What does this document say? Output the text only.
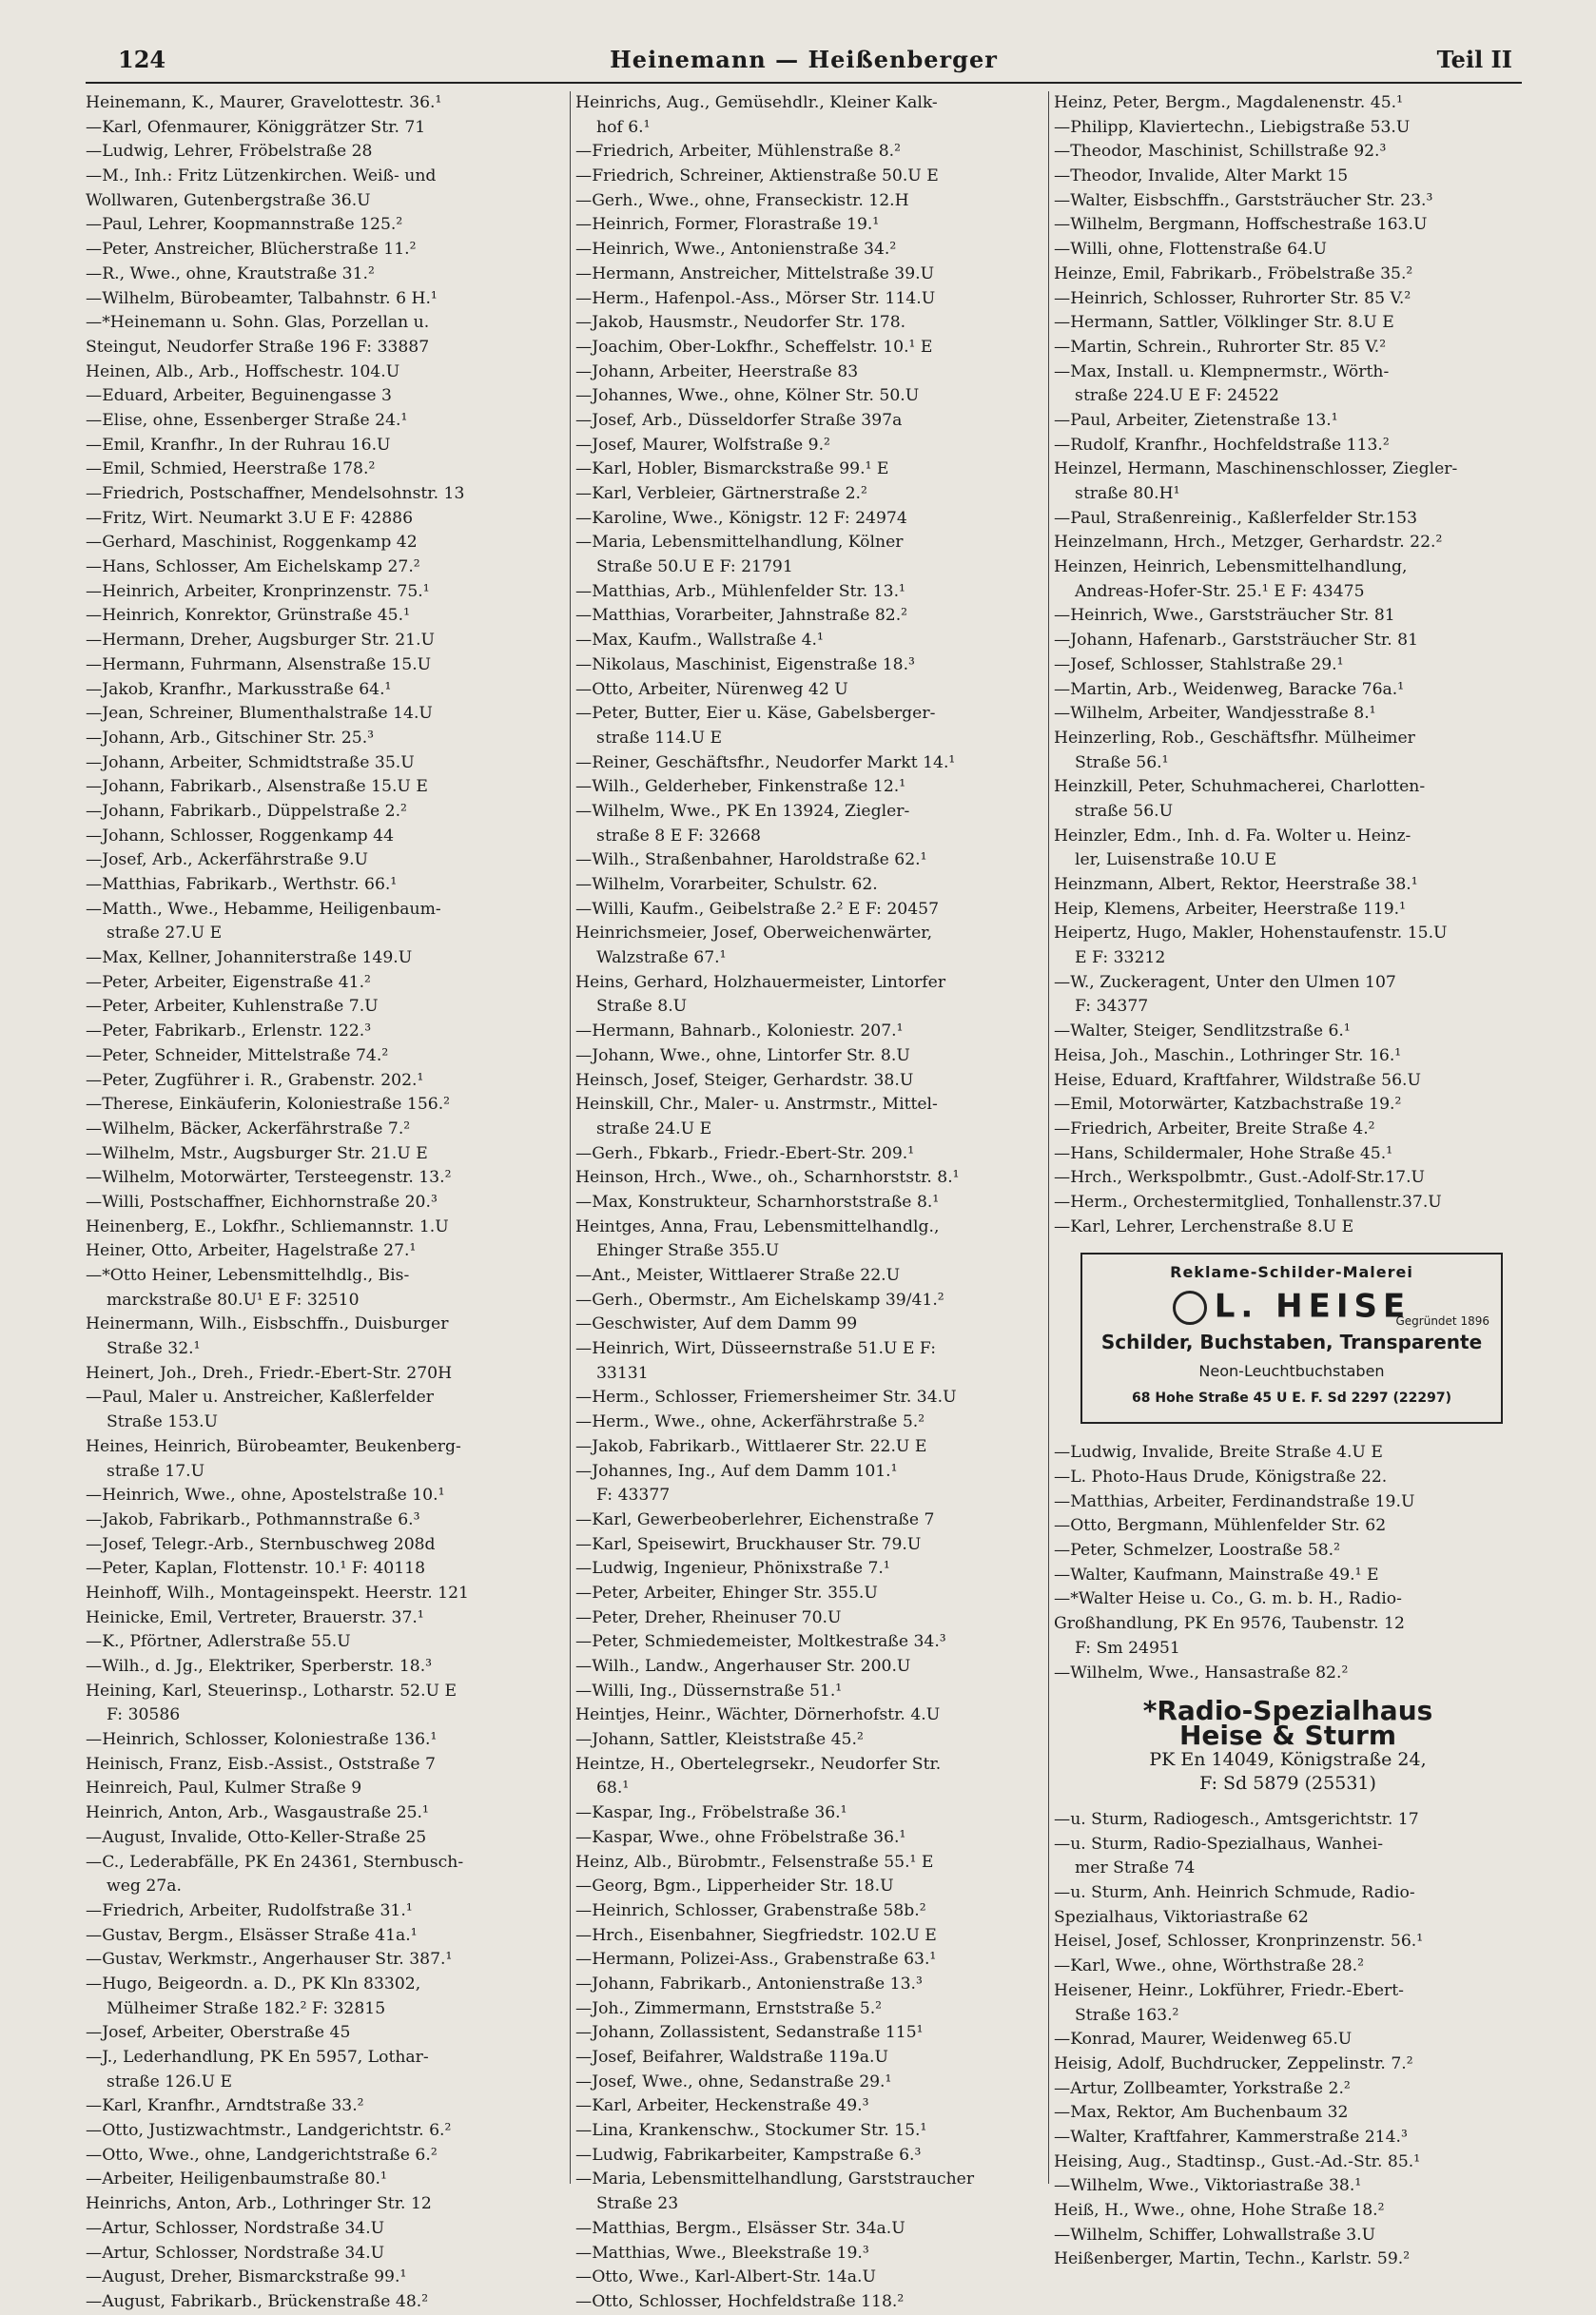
124	Heinemann — Heißenberger	Teil II
Heinemann, K., Maurer, Gravelottestr. 36.¹
—Karl, Ofenmaurer, Königgrätzer Str. 71
—Ludwig, Lehrer, Fröbelstraße 28
—M., Inh.: Fritz Lützenkirchen. Weiß- und
Wollwaren, Gutenbergstraße 36.U
—Paul, Lehrer, Koopmannstraße 125.²
—Peter, Anstreicher, Blücherstraße 11.²
—R., Wwe., ohne, Krautstraße 31.²
—Wilhelm, Bürobeamter, Talbahnstr. 6 H.¹
—*Heinemann u. Sohn. Glas, Porzellan u.
Steingut, Neudorfer Straße 196 F: 33887
Heinen, Alb., Arb., Hoffschestr. 104.U
—Eduard, Arbeiter, Beguinengasse 3
—Elise, ohne, Essenberger Straße 24.¹
—Emil, Kranfhr., In der Ruhrau 16.U
—Emil, Schmied, Heerstraße 178.²
—Friedrich, Postschaffner, Mendelsohnstr. 13
—Fritz, Wirt. Neumarkt 3.U E F: 42886
—Gerhard, Maschinist, Roggenkamp 42
—Hans, Schlosser, Am Eichelskamp 27.²
—Heinrich, Arbeiter, Kronprinzenstr. 75.¹
—Heinrich, Konrektor, Grünstraße 45.¹
—Hermann, Dreher, Augsburger Str. 21.U
—Hermann, Fuhrmann, Alsenstraße 15.U
—Jakob, Kranfhr., Markusstraße 64.¹
—Jean, Schreiner, Blumenthalstraße 14.U
—Johann, Arb., Gitschiner Str. 25.³
—Johann, Arbeiter, Schmidtstraße 35.U
—Johann, Fabrikarb., Alsenstraße 15.U E
—Johann, Fabrikarb., Düppelstraße 2.²
—Johann, Schlosser, Roggenkamp 44
—Josef, Arb., Ackerfährstraße 9.U
—Matthias, Fabrikarb., Werthstr. 66.¹
—Matth., Wwe., Hebamme, Heiligenbaum-
straße 27.U E
—Max, Kellner, Johanniterstraße 149.U
—Peter, Arbeiter, Eigenstraße 41.²
—Peter, Arbeiter, Kuhlenstraße 7.U
—Peter, Fabrikarb., Erlenstr. 122.³
—Peter, Schneider, Mittelstraße 74.²
—Peter, Zugführer i. R., Grabenstr. 202.¹
—Therese, Einkäuferin, Koloniestraße 156.²
—Wilhelm, Bäcker, Ackerfährstraße 7.²
—Wilhelm, Mstr., Augsburger Str. 21.U E
—Wilhelm, Motorwärter, Tersteegenstr. 13.²
—Willi, Postschaffner, Eichhornstraße 20.³
Heinenberg, E., Lokfhr., Schliemannstr. 1.U
Heiner, Otto, Arbeiter, Hagelstraße 27.¹
—*Otto Heiner, Lebensmittelhdlg., Bis-
marckstraße 80.U¹ E F: 32510
Heinermann, Wilh., Eisbschffn., Duisburger
Straße 32.¹
Heinert, Joh., Dreh., Friedr.-Ebert-Str. 270H
—Paul, Maler u. Anstreicher, Kaßlerfelder
Straße 153.U
Heines, Heinrich, Bürobeamter, Beukenberg-
straße 17.U
—Heinrich, Wwe., ohne, Apostelstraße 10.¹
—Jakob, Fabrikarb., Pothmannstraße 6.³
—Josef, Telegr.-Arb., Sternbuschweg 208d
—Peter, Kaplan, Flottenstr. 10.¹ F: 40118
Heinhoff, Wilh., Montageinspekt. Heerstr. 121
Heinicke, Emil, Vertreter, Brauerstr. 37.¹
—K., Pförtner, Adlerstraße 55.U
—Wilh., d. Jg., Elektriker, Sperberstr. 18.³
Heining, Karl, Steuerinsp., Lotharstr. 52.U E
F: 30586
—Heinrich, Schlosser, Koloniestraße 136.¹
Heinisch, Franz, Eisb.-Assist., Oststraße 7
Heinreich, Paul, Kulmer Straße 9
Heinrich, Anton, Arb., Wasgaustraße 25.¹
—August, Invalide, Otto-Keller-Straße 25
—C., Lederabfälle, PK En 24361, Sternbusch-
weg 27a.
—Friedrich, Arbeiter, Rudolfstraße 31.¹
—Gustav, Bergm., Elsässer Straße 41a.¹
—Gustav, Werkmstr., Angerhauser Str. 387.¹
—Hugo, Beigeordn. a. D., PK Kln 83302,
Mülheimer Straße 182.² F: 32815
—Josef, Arbeiter, Oberstraße 45
—J., Lederhandlung, PK En 5957, Lothar-
straße 126.U E
—Karl, Kranfhr., Arndtstraße 33.²
—Otto, Justizwachtmstr., Landgerichtstr. 6.²
—Otto, Wwe., ohne, Landgerichtstraße 6.²
—Arbeiter, Heiligenbaumstraße 80.¹
Heinrichs, Anton, Arb., Lothringer Str. 12
—Artur, Schlosser, Nordstraße 34.U
—Artur, Schlosser, Nordstraße 34.U
—August, Dreher, Bismarckstraße 99.¹
—August, Fabrikarb., Brückenstraße 48.²
Heinrichs, Aug., Gemüsehdlr., Kleiner Kalk-
hof 6.¹
—Friedrich, Arbeiter, Mühlenstraße 8.²
—Friedrich, Schreiner, Aktienstraße 50.U E
—Gerh., Wwe., ohne, Franseckistr. 12.H
—Heinrich, Former, Florastraße 19.¹
—Heinrich, Wwe., Antonienstraße 34.²
—Hermann, Anstreicher, Mittelstraße 39.U
—Herm., Hafenpol.-Ass., Mörser Str. 114.U
—Jakob, Hausmstr., Neudorfer Str. 178.
—Joachim, Ober-Lokfhr., Scheffelstr. 10.¹ E
—Johann, Arbeiter, Heerstraße 83
—Johannes, Wwe., ohne, Kölner Str. 50.U
—Josef, Arb., Düsseldorfer Straße 397a
—Josef, Maurer, Wolfstraße 9.²
—Karl, Hobler, Bismarckstraße 99.¹ E
—Karl, Verbleier, Gärtnerstraße 2.²
—Karoline, Wwe., Königstr. 12 F: 24974
—Maria, Lebensmittelhandlung, Kölner
Straße 50.U E F: 21791
—Matthias, Arb., Mühlenfelder Str. 13.¹
—Matthias, Vorarbeiter, Jahnstraße 82.²
—Max, Kaufm., Wallstraße 4.¹
—Nikolaus, Maschinist, Eigenstraße 18.³
—Otto, Arbeiter, Nürenweg 42 U
—Peter, Butter, Eier u. Käse, Gabelsberger-
straße 114.U E
—Reiner, Geschäftsfhr., Neudorfer Markt 14.¹
—Wilh., Gelderheber, Finkenstraße 12.¹
—Wilhelm, Wwe., PK En 13924, Ziegler-
straße 8 E F: 32668
—Wilh., Straßenbahner, Haroldstraße 62.¹
—Wilhelm, Vorarbeiter, Schulstr. 62.
—Willi, Kaufm., Geibelstraße 2.² E F: 20457
Heinrichsmeier, Josef, Oberweichenwärter,
Walzstraße 67.¹
Heins, Gerhard, Holzhauermeister, Lintorfer
Straße 8.U
—Hermann, Bahnarb., Koloniestr. 207.¹
—Johann, Wwe., ohne, Lintorfer Str. 8.U
Heinsch, Josef, Steiger, Gerhardstr. 38.U
Heinskill, Chr., Maler- u. Anstrmstr., Mittel-
straße 24.U E
—Gerh., Fbkarb., Friedr.-Ebert-Str. 209.¹
Heinson, Hrch., Wwe., oh., Scharnhorststr. 8.¹
—Max, Konstrukteur, Scharnhorststraße 8.¹
Heintges, Anna, Frau, Lebensmittelhandlg.,
Ehinger Straße 355.U
—Ant., Meister, Wittlaerer Straße 22.U
—Gerh., Obermstr., Am Eichelskamp 39/41.²
—Geschwister, Auf dem Damm 99
—Heinrich, Wirt, Düsseernstraße 51.U E F:
33131
—Herm., Schlosser, Friemersheimer Str. 34.U
—Herm., Wwe., ohne, Ackerfährstraße 5.²
—Jakob, Fabrikarb., Wittlaerer Str. 22.U E
—Johannes, Ing., Auf dem Damm 101.¹
F: 43377
—Karl, Gewerbeoberlehrer, Eichenstraße 7
—Karl, Speisewirt, Bruckhauser Str. 79.U
—Ludwig, Ingenieur, Phönixstraße 7.¹
—Peter, Arbeiter, Ehinger Str. 355.U
—Peter, Dreher, Rheinuser 70.U
—Peter, Schmiedemeister, Moltkestraße 34.³
—Wilh., Landw., Angerhauser Str. 200.U
—Willi, Ing., Düssernstraße 51.¹
Heintjes, Heinr., Wächter, Dörnerhofstr. 4.U
—Johann, Sattler, Kleiststraße 45.²
Heintze, H., Obertelegrsekr., Neudorfer Str.
68.¹
—Kaspar, Ing., Fröbelstraße 36.¹
—Kaspar, Wwe., ohne Fröbelstraße 36.¹
Heinz, Alb., Bürobmtr., Felsenstraße 55.¹ E
—Georg, Bgm., Lipperheider Str. 18.U
—Heinrich, Schlosser, Grabenstraße 58b.²
—Hrch., Eisenbahner, Siegfriedstr. 102.U E
—Hermann, Polizei-Ass., Grabenstraße 63.¹
—Johann, Fabrikarb., Antonienstraße 13.³
—Joh., Zimmermann, Ernststraße 5.²
—Johann, Zollassistent, Sedanstraße 115¹
—Josef, Beifahrer, Waldstraße 119a.U
—Josef, Wwe., ohne, Sedanstraße 29.¹
—Karl, Arbeiter, Heckenstraße 49.³
—Lina, Krankenschw., Stockumer Str. 15.¹
—Ludwig, Fabrikarbeiter, Kampstraße 6.³
—Maria, Lebensmittelhandlung, Garststraucher
Straße 23
—Matthias, Bergm., Elsässer Str. 34a.U
—Matthias, Wwe., Bleekstraße 19.³
—Otto, Wwe., Karl-Albert-Str. 14a.U
—Otto, Schlosser, Hochfeldstraße 118.²
Heinz, Peter, Bergm., Magdalenenstr. 45.¹
—Philipp, Klaviertechn., Liebigstraße 53.U
—Theodor, Maschinist, Schillstraße 92.³
—Theodor, Invalide, Alter Markt 15
—Walter, Eisbschffn., Garststräucher Str. 23.³
—Wilhelm, Bergmann, Hoffschestraße 163.U
—Willi, ohne, Flottenstraße 64.U
Heinze, Emil, Fabrikarb., Fröbelstraße 35.²
—Heinrich, Schlosser, Ruhrorter Str. 85 V.²
—Hermann, Sattler, Völklinger Str. 8.U E
—Martin, Schrein., Ruhrorter Str. 85 V.²
—Max, Install. u. Klempnermstr., Wörth-
straße 224.U E F: 24522
—Paul, Arbeiter, Zietenstraße 13.¹
—Rudolf, Kranfhr., Hochfeldstraße 113.²
Heinzel, Hermann, Maschinenschlosser, Ziegler-
straße 80.H¹
—Paul, Straßenreinig., Kaßlerfelder Str.153
Heinzelmann, Hrch., Metzger, Gerhardstr. 22.²
Heinzen, Heinrich, Lebensmittelhandlung,
Andreas-Hofer-Str. 25.¹ E F: 43475
—Heinrich, Wwe., Garststräucher Str. 81
—Johann, Hafenarb., Garststräucher Str. 81
—Josef, Schlosser, Stahlstraße 29.¹
—Martin, Arb., Weidenweg, Baracke 76a.¹
—Wilhelm, Arbeiter, Wandjesstraße 8.¹
Heinzerling, Rob., Geschäftsfhr. Mülheimer
Straße 56.¹
Heinzkill, Peter, Schuhmacherei, Charlotten-
straße 56.U
Heinzler, Edm., Inh. d. Fa. Wolter u. Heinz-
ler, Luisenstraße 10.U E
Heinzmann, Albert, Rektor, Heerstraße 38.¹
Heip, Klemens, Arbeiter, Heerstraße 119.¹
Heipertz, Hugo, Makler, Hohenstaufenstr. 15.U
E F: 33212
—W., Zuckeragent, Unter den Ulmen 107
F: 34377
—Walter, Steiger, Sendlitzstraße 6.¹
Heisa, Joh., Maschin., Lothringer Str. 16.¹
Heise, Eduard, Kraftfahrer, Wildstraße 56.U
—Emil, Motorwärter, Katzbachstraße 19.²
—Friedrich, Arbeiter, Breite Straße 4.²
—Hans, Schildermaler, Hohe Straße 45.¹
—Hrch., Werkspolbmtr., Gust.-Adolf-Str.17.U
—Herm., Orchestermitglied, Tonhallenstr.37.U
—Karl, Lehrer, Lerchenstraße 8.U E
Reklame-Schilder-Malerei
L. HEISE
Gegründet 1896
Schilder, Buchstaben, Transparente
Neon-Leuchtbuchstaben
68 Hohe Straße 45 U E. F. Sd 2297 (22297)
—Ludwig, Invalide, Breite Straße 4.U E
—L. Photo-Haus Drude, Königstraße 22.
—Matthias, Arbeiter, Ferdinandstraße 19.U
—Otto, Bergmann, Mühlenfelder Str. 62
—Peter, Schmelzer, Loostraße 58.²
—Walter, Kaufmann, Mainstraße 49.¹ E
—*Walter Heise u. Co., G. m. b. H., Radio-
Großhandlung, PK En 9576, Taubenstr. 12
F: Sm 24951
—Wilhelm, Wwe., Hansastraße 82.²
*Radio-Spezialhaus
Heise & Sturm
PK En 14049, Königstraße 24,
F: Sd 5879 (25531)
—u. Sturm, Radiogesch., Amtsgerichtstr. 17
—u. Sturm, Radio-Spezialhaus, Wanhei-
mer Straße 74
—u. Sturm, Anh. Heinrich Schmude, Radio-
Spezialhaus, Viktoriastraße 62
Heisel, Josef, Schlosser, Kronprinzenstr. 56.¹
—Karl, Wwe., ohne, Wörthstraße 28.²
Heisener, Heinr., Lokführer, Friedr.-Ebert-
Straße 163.²
—Konrad, Maurer, Weidenweg 65.U
Heisig, Adolf, Buchdrucker, Zeppelinstr. 7.²
—Artur, Zollbeamter, Yorkstraße 2.²
—Max, Rektor, Am Buchenbaum 32
—Walter, Kraftfahrer, Kammerstraße 214.³
Heising, Aug., Stadtinsp., Gust.-Ad.-Str. 85.¹
—Wilhelm, Wwe., Viktoriastraße 38.¹
Heiß, H., Wwe., ohne, Hohe Straße 18.²
—Wilhelm, Schiffer, Lohwallstraße 3.U
Heißenberger, Martin, Techn., Karlstr. 59.²
